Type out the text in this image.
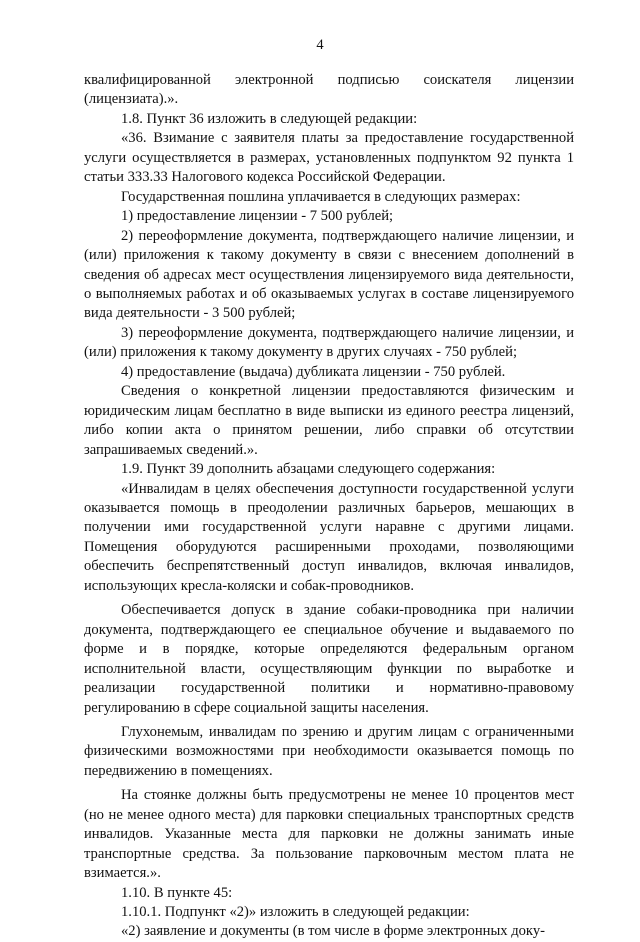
4

квалифицированной электронной подписью соискателя лицензии (лицензиата).».

1.8. Пункт 36 изложить в следующей редакции:

«36. Взимание с заявителя платы за предоставление государственной услуги осуществляется в размерах, установленных подпунктом 92 пункта 1 статьи 333.33 Налогового кодекса Российской Федерации.

Государственная пошлина уплачивается в следующих размерах:

1) предоставление лицензии - 7 500 рублей;

2) переоформление документа, подтверждающего наличие лицензии, и (или) приложения к такому документу в связи с внесением дополнений в сведения об адресах мест осуществления лицензируемого вида деятельности, о выполняемых работах и об оказываемых услугах в составе лицензируемого вида деятельности - 3 500 рублей;

3) переоформление документа, подтверждающего наличие лицензии, и (или) приложения к такому документу в других случаях - 750 рублей;

4) предоставление (выдача) дубликата лицензии - 750 рублей.

Сведения о конкретной лицензии предоставляются физическим и юридическим лицам бесплатно в виде выписки из единого реестра лицензий, либо копии акта о принятом решении, либо справки об отсутствии запрашиваемых сведений.».

1.9. Пункт 39 дополнить абзацами следующего содержания:

«Инвалидам в целях обеспечения доступности государственной услуги оказывается помощь в преодолении различных барьеров, мешающих в получении ими государственной услуги наравне с другими лицами. Помещения оборудуются расширенными проходами, позволяющими обеспечить беспрепятственный доступ инвалидов, включая инвалидов, использующих кресла-коляски и собак-проводников.

Обеспечивается допуск в здание собаки-проводника при наличии документа, подтверждающего ее специальное обучение и выдаваемого по форме и в порядке, которые определяются федеральным органом исполнительной власти, осуществляющим функции по выработке и реализации государственной политики и нормативно-правовому регулированию в сфере социальной защиты населения.

Глухонемым, инвалидам по зрению и другим лицам с ограниченными физическими возможностями при необходимости оказывается помощь по передвижению в помещениях.

На стоянке должны быть предусмотрены не менее 10 процентов мест (но не менее одного места) для парковки специальных транспортных средств инвалидов. Указанные места для парковки не должны занимать иные транспортные средства. За пользование парковочным местом плата не взимается.».

1.10. В пункте 45:

1.10.1. Подпункт «2)» изложить в следующей редакции:

«2) заявление и документы (в том числе в форме электронных доку-
